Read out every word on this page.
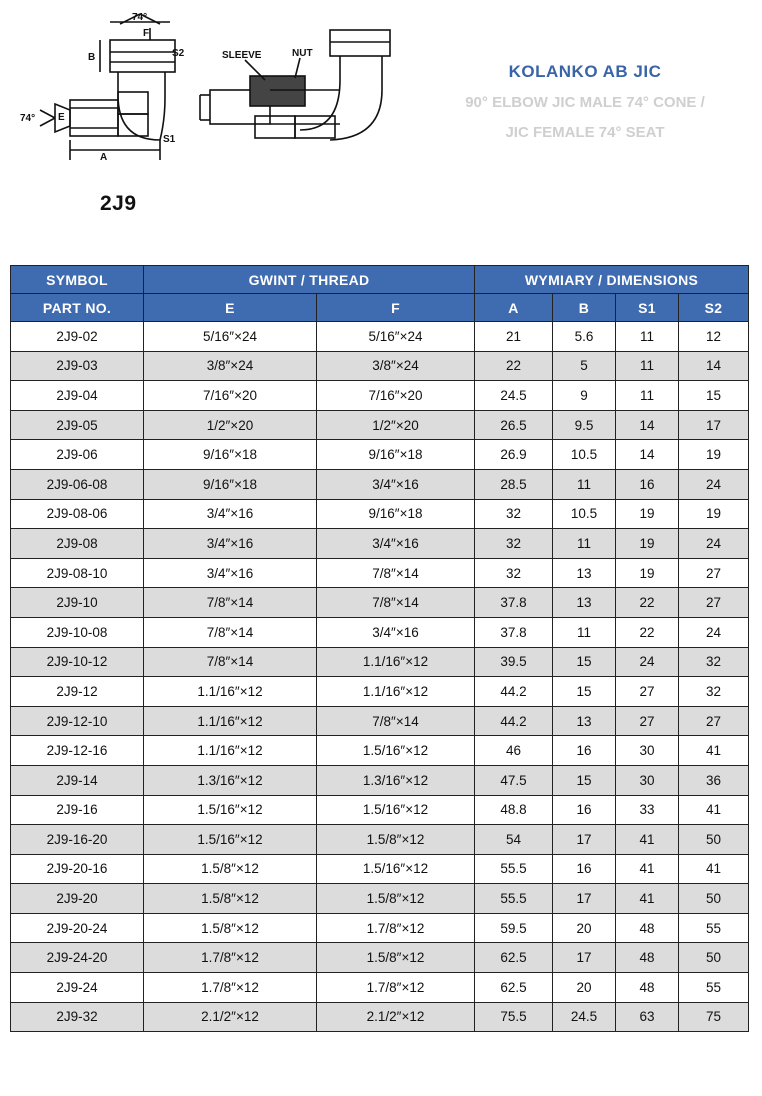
74°
F
B
74° E
A
S1
S2	SLEEVE	NUT
2J9
KOLANKO AB JIC
90° ELBOW JIC MALE 74° CONE /
JIC FEMALE 74° SEAT
SYMBOL	GWINT / THREAD		WYMIARY / DIMENSIONS			
PART NO.	E	F	A	B	S1	S2
2J9-02	5/16″×24	5/16″×24	21	5.6	11	12
2J9-03	3/8″×24	3/8″×24	22	5	11	14
2J9-04	7/16″×20	7/16″×20	24.5	9	11	15
2J9-05	1/2″×20	1/2″×20	26.5	9.5	14	17
2J9-06	9/16″×18	9/16″×18	26.9	10.5	14	19
2J9-06-08	9/16″×18	3/4″×16	28.5	11	16	24
2J9-08-06	3/4″×16	9/16″×18	32	10.5	19	19
2J9-08	3/4″×16	3/4″×16	32	11	19	24
2J9-08-10	3/4″×16	7/8″×14	32	13	19	27
2J9-10	7/8″×14	7/8″×14	37.8	13	22	27
2J9-10-08	7/8″×14	3/4″×16	37.8	11	22	24
2J9-10-12	7/8″×14	1.1/16″×12	39.5	15	24	32
2J9-12	1.1/16″×12	1.1/16″×12	44.2	15	27	32
2J9-12-10	1.1/16″×12	7/8″×14	44.2	13	27	27
2J9-12-16	1.1/16″×12	1.5/16″×12	46	16	30	41
2J9-14	1.3/16″×12	1.3/16″×12	47.5	15	30	36
2J9-16	1.5/16″×12	1.5/16″×12	48.8	16	33	41
2J9-16-20	1.5/16″×12	1.5/8″×12	54	17	41	50
2J9-20-16	1.5/8″×12	1.5/16″×12	55.5	16	41	41
2J9-20	1.5/8″×12	1.5/8″×12	55.5	17	41	50
2J9-20-24	1.5/8″×12	1.7/8″×12	59.5	20	48	55
2J9-24-20	1.7/8″×12	1.5/8″×12	62.5	17	48	50
2J9-24	1.7/8″×12	1.7/8″×12	62.5	20	48	55
2J9-32	2.1/2″×12	2.1/2″×12	75.5	24.5	63	75
